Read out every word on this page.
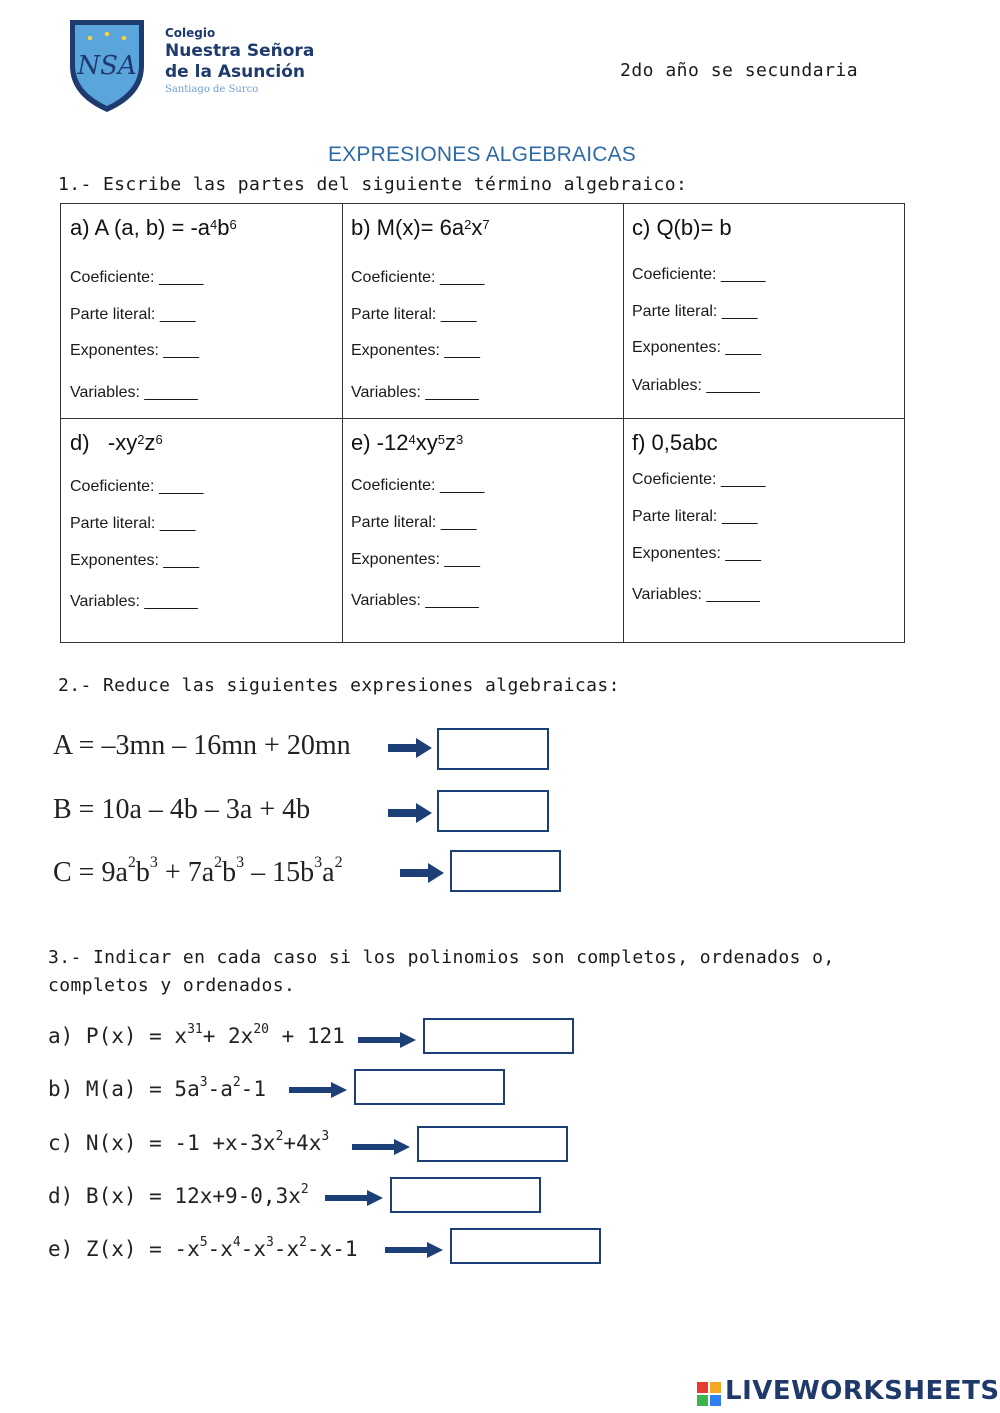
NSA
Colegio
Nuestra Señora
de la Asunción
Santiago de Surco
2do año se secundaria
EXPRESIONES ALGEBRAICAS
1.- Escribe las partes del siguiente término algebraico:
a) A (a, $b) = -a^4b^6$
Coeficiente: _____
Parte literal: ____
Exponentes: ____
Variables: ______
b) $M(x)= 6a^2x^7$
Coeficiente: _____
Parte literal: ____
Exponentes: ____
Variables: ______
c) Q(b)= b
Coeficiente: _____
Parte literal: ____
Exponentes: ____
Variables: ______
d)   $-xy^2z^6$
Coeficiente: _____
Parte literal: ____
Exponentes: ____
Variables: ______
e) $-12^4xy^5z^3$
Coeficiente: _____
Parte literal: ____
Exponentes: ____
Variables: ______
f) 0,5abc
Coeficiente: _____
Parte literal: ____
Exponentes: ____
Variables: ______
2.- Reduce las siguientes expresiones algebraicas:
A = –3mn – 16mn + 20mn
B = 10a – 4b – 3a + 4b
$C = 9a^2b^3 + 7a^2b^3 - 15b^3a^2$
3.- Indicar en cada caso si los polinomios son completos, ordenados o,
completos y ordenados.
a) $P(x) = x^{31}+ 2x^{20} + 121$
b) $M(a) = 5a^3-a^2-1$
c) $N(x) = -1 +x-3x^2+4x^3$
d) $B(x) = 12x+9-0,3x^2$
e) $Z(x) = -x^5-x^4-x^3-x^2-x-1$
LIVEWORKSHEETS
